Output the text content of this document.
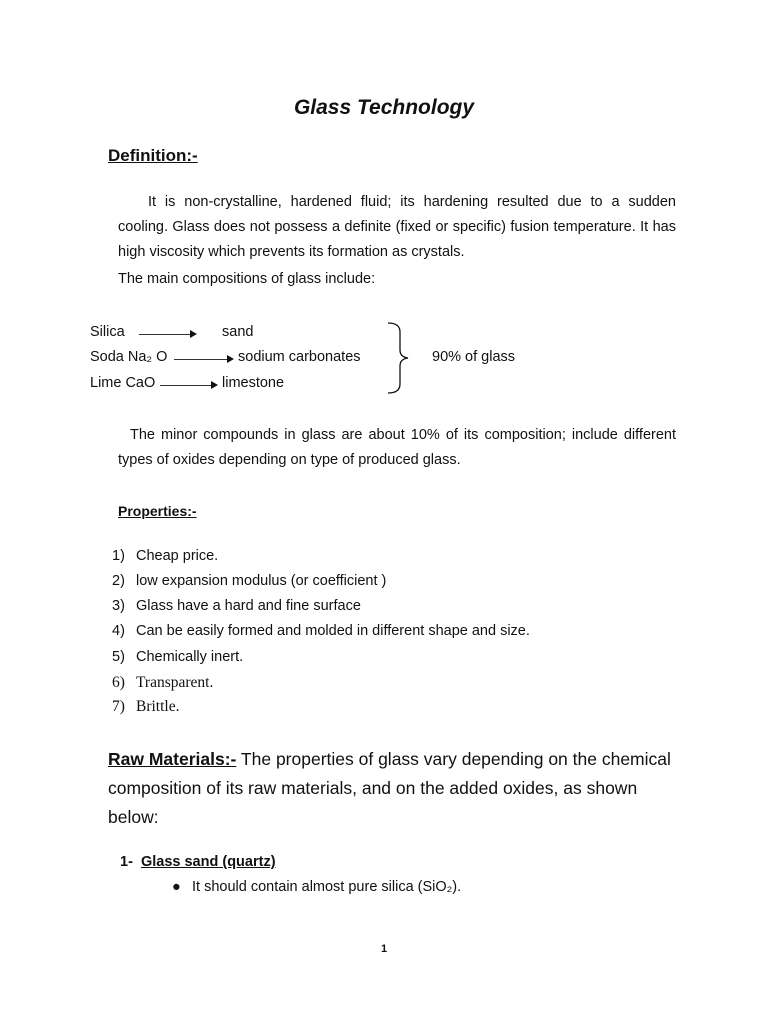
Glass Technology
Definition:-
It is non-crystalline, hardened fluid; its hardening resulted due to a sudden cooling. Glass does not possess a definite (fixed or specific) fusion temperature. It has high viscosity which prevents its formation as crystals.
The main compositions of glass include:
Silica	sand
Soda Na₂ O	sodium carbonates
Lime CaO	limestone
90% of glass
The minor compounds in glass are about 10% of its composition; include different types of oxides depending on type of produced glass.
Properties:-
1) Cheap price.
2) low expansion modulus (or coefficient )
3) Glass have a hard and fine surface
4) Can be easily formed and molded in different shape and size.
5) Chemically inert.
6) Transparent.
7) Brittle.
Raw Materials:- The properties of glass vary depending on the chemical composition of its raw materials, and on the added oxides, as shown below:
1- Glass sand (quartz)
● It should contain almost pure silica (SiO₂).
1
